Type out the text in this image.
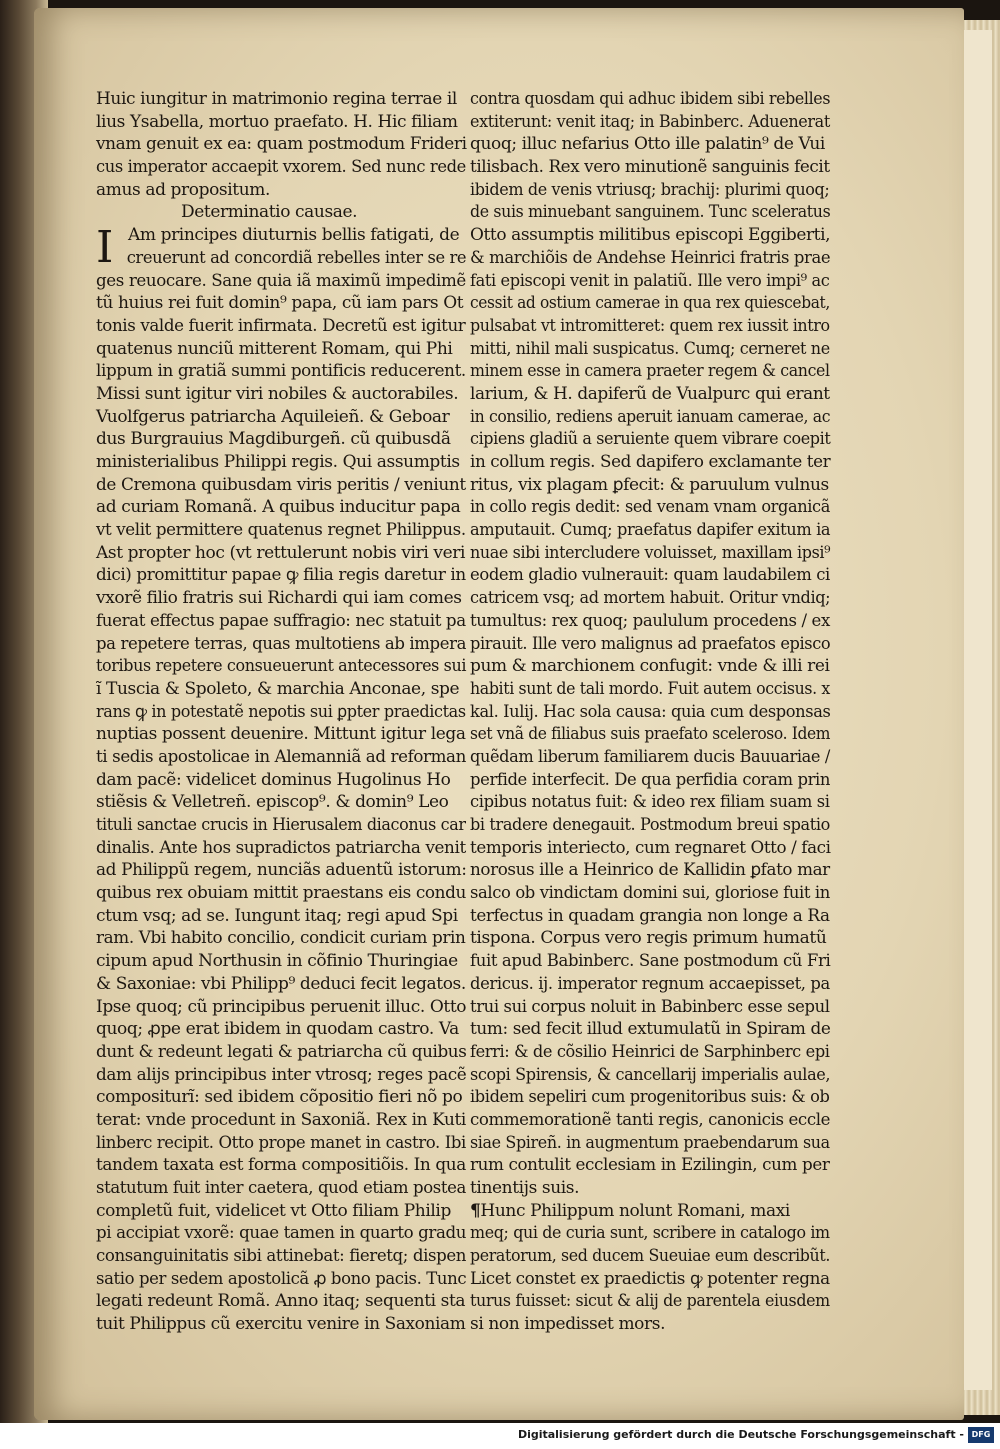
Huic iungitur in matrimonio regina terrae il
lius Ysabella, mortuo praefato. H. Hic filiam
vnam genuit ex ea: quam postmodum Frideri
cus imperator accaepit vxorem. Sed nunc rede
amus ad propositum.
Determinatio causae.
I Am principes diuturnis bellis fatigati, de
creuerunt ad concordiã rebelles inter se re
ges reuocare. Sane quia iã maximũ impedimẽ
tũ huius rei fuit domin⁹ papa, cũ iam pars Ot
tonis valde fuerit infirmata. Decretũ est igitur
quatenus nunciũ mitterent Romam, qui Phi
lippum in gratiã summi pontificis reducerent.
Missi sunt igitur viri nobiles & auctorabiles.
Vuolfgerus patriarcha Aquileieñ. & Geboar
dus Burgrauius Magdiburgeñ. cũ quibusdã
ministerialibus Philippi regis. Qui assumptis
de Cremona quibusdam viris peritis / veniunt
ad curiam Romanã. A quibus inducitur papa
vt velit permittere quatenus regnet Philippus.
Ast propter hoc (vt rettulerunt nobis viri veri
dici) promittitur papae ꝙ filia regis daretur in
vxorẽ filio fratris sui Richardi qui iam comes
fuerat effectus papae suffragio: nec statuit pa
pa repetere terras, quas multotiens ab impera
toribus repetere consueuerunt antecessores sui
ĩ Tuscia & Spoleto, & marchia Anconae, spe
rans ꝙ in potestatẽ nepotis sui ꝑpter praedictas
nuptias possent deuenire. Mittunt igitur lega
ti sedis apostolicae in Alemanniã ad reforman
dam pacẽ: videlicet dominus Hugolinus Ho
stiẽsis & Velletreñ. episcop⁹. & domin⁹ Leo
tituli sanctae crucis in Hierusalem diaconus car
dinalis. Ante hos supradictos patriarcha venit
ad Philippũ regem, nunciãs aduentũ istorum:
quibus rex obuiam mittit praestans eis condu
ctum vsq; ad se. Iungunt itaq; regi apud Spi
ram. Vbi habito concilio, condicit curiam prin
cipum apud Northusin in cõfinio Thuringiae
& Saxoniae: vbi Philipp⁹ deduci fecit legatos.
Ipse quoq; cũ principibus peruenit illuc. Otto
quoq; ꝓpe erat ibidem in quodam castro. Va
dunt & redeunt legati & patriarcha cũ quibus
dam alijs principibus inter vtrosq; reges pacẽ
compositurĩ: sed ibidem cõpositio fieri nõ po
terat: vnde procedunt in Saxoniã. Rex in Kuti
linberc recipit. Otto prope manet in castro. Ibi
tandem taxata est forma compositiõis. In qua
statutum fuit inter caetera, quod etiam postea
completũ fuit, videlicet vt Otto filiam Philip
pi accipiat vxorẽ: quae tamen in quarto gradu
consanguinitatis sibi attinebat: fieretq; dispen
satio per sedem apostolicã ꝓ bono pacis. Tunc
legati redeunt Romã. Anno itaq; sequenti sta
tuit Philippus cũ exercitu venire in Saxoniam
contra quosdam qui adhuc ibidem sibi rebelles
extiterunt: venit itaq; in Babinberc. Aduenerat
quoq; illuc nefarius Otto ille palatin⁹ de Vui
tilisbach. Rex vero minutionẽ sanguinis fecit
ibidem de venis vtriusq; brachij: plurimi quoq;
de suis minuebant sanguinem. Tunc sceleratus
Otto assumptis militibus episcopi Eggiberti,
& marchiõis de Andehse Heinrici fratris prae
fati episcopi venit in palatiũ. Ille vero impi⁹ ac
cessit ad ostium camerae in qua rex quiescebat,
pulsabat vt intromitteret: quem rex iussit intro
mitti, nihil mali suspicatus. Cumq; cerneret ne
minem esse in camera praeter regem & cancel
larium, & H. dapiferũ de Vualpurc qui erant
in consilio, rediens aperuit ianuam camerae, ac
cipiens gladiũ a seruiente quem vibrare coepit
in collum regis. Sed dapifero exclamante ter
ritus, vix plagam ꝑfecit: & paruulum vulnus
in collo regis dedit: sed venam vnam organicã
amputauit. Cumq; praefatus dapifer exitum ia
nuae sibi intercludere voluisset, maxillam ipsi⁹
eodem gladio vulnerauit: quam laudabilem ci
catricem vsq; ad mortem habuit. Oritur vndiq;
tumultus: rex quoq; paululum procedens / ex
pirauit. Ille vero malignus ad praefatos episco
pum & marchionem confugit: vnde & illi rei
habiti sunt de tali mordo. Fuit autem occisus. x
kal. Iulij. Hac sola causa: quia cum desponsas
set vnã de filiabus suis praefato sceleroso. Idem
quẽdam liberum familiarem ducis Bauuariae /
perfide interfecit. De qua perfidia coram prin
cipibus notatus fuit: & ideo rex filiam suam si
bi tradere denegauit. Postmodum breui spatio
temporis interiecto, cum regnaret Otto / faci
norosus ille a Heinrico de Kallidin ꝑfato mar
salco ob vindictam domini sui, gloriose fuit in
terfectus in quadam grangia non longe a Ra
tispona. Corpus vero regis primum humatũ
fuit apud Babinberc. Sane postmodum cũ Fri
dericus. ij. imperator regnum accaepisset, pa
trui sui corpus noluit in Babinberc esse sepul
tum: sed fecit illud extumulatũ in Spiram de
ferri: & de cõsilio Heinrici de Sarphinberc epi
scopi Spirensis, & cancellarij imperialis aulae,
ibidem sepeliri cum progenitoribus suis: & ob
commemorationẽ tanti regis, canonicis eccle
siae Spireñ. in augmentum praebendarum sua
rum contulit ecclesiam in Ezilingin, cum per
tinentijs suis.
¶Hunc Philippum nolunt Romani, maxi
meq; qui de curia sunt, scribere in catalogo im
peratorum, sed ducem Sueuiae eum describũt.
Licet constet ex praedictis ꝙ potenter regna
turus fuisset: sicut & alij de parentela eiusdem
si non impedisset mors.
Digitalisierung gefördert durch die Deutsche Forschungsgemeinschaft - DFG
